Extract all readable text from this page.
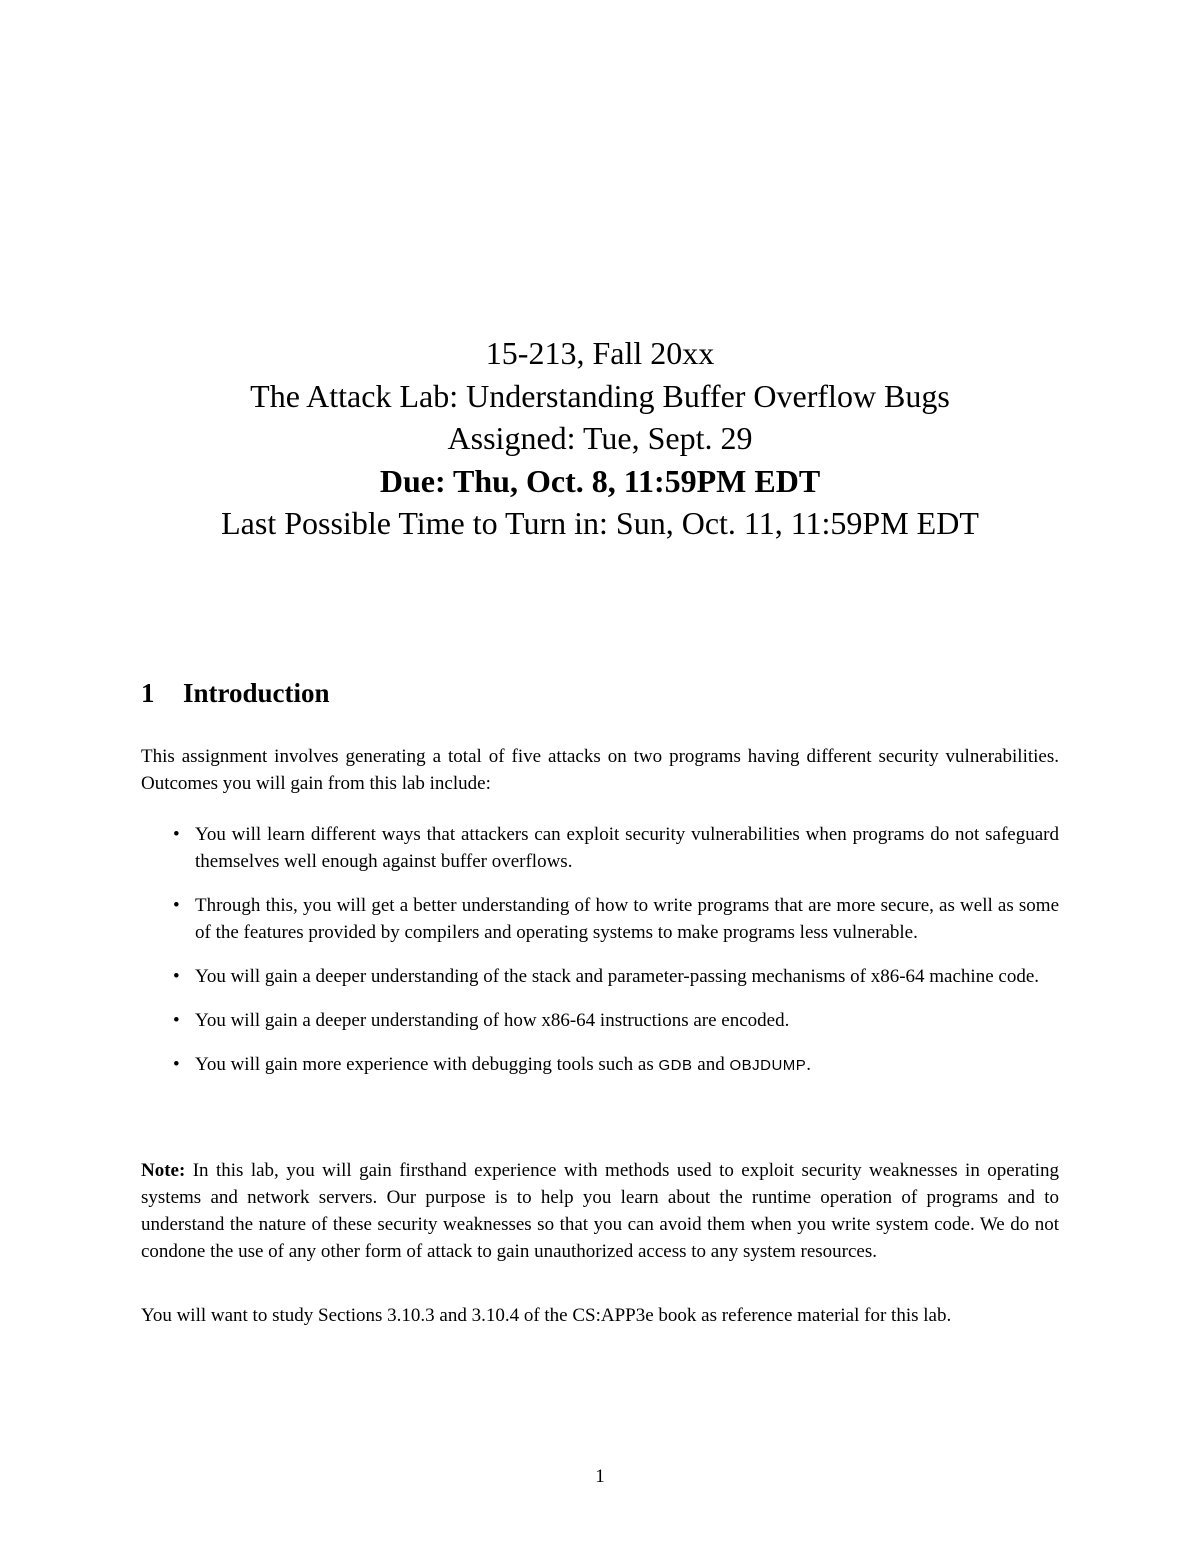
15-213, Fall 20xx
The Attack Lab: Understanding Buffer Overflow Bugs
Assigned: Tue, Sept. 29
Due: Thu, Oct. 8, 11:59PM EDT
Last Possible Time to Turn in: Sun, Oct. 11, 11:59PM EDT
1 Introduction

This assignment involves generating a total of five attacks on two programs having different security vulnerabilities. Outcomes you will gain from this lab include:

• You will learn different ways that attackers can exploit security vulnerabilities when programs do not safeguard themselves well enough against buffer overflows.
• Through this, you will get a better understanding of how to write programs that are more secure, as well as some of the features provided by compilers and operating systems to make programs less vulnerable.
• You will gain a deeper understanding of the stack and parameter-passing mechanisms of x86-64 machine code.
• You will gain a deeper understanding of how x86-64 instructions are encoded.
• You will gain more experience with debugging tools such as GDB and OBJDUMP.

Note: In this lab, you will gain firsthand experience with methods used to exploit security weaknesses in operating systems and network servers. Our purpose is to help you learn about the runtime operation of programs and to understand the nature of these security weaknesses so that you can avoid them when you write system code. We do not condone the use of any other form of attack to gain unauthorized access to any system resources.

You will want to study Sections 3.10.3 and 3.10.4 of the CS:APP3e book as reference material for this lab.

1
